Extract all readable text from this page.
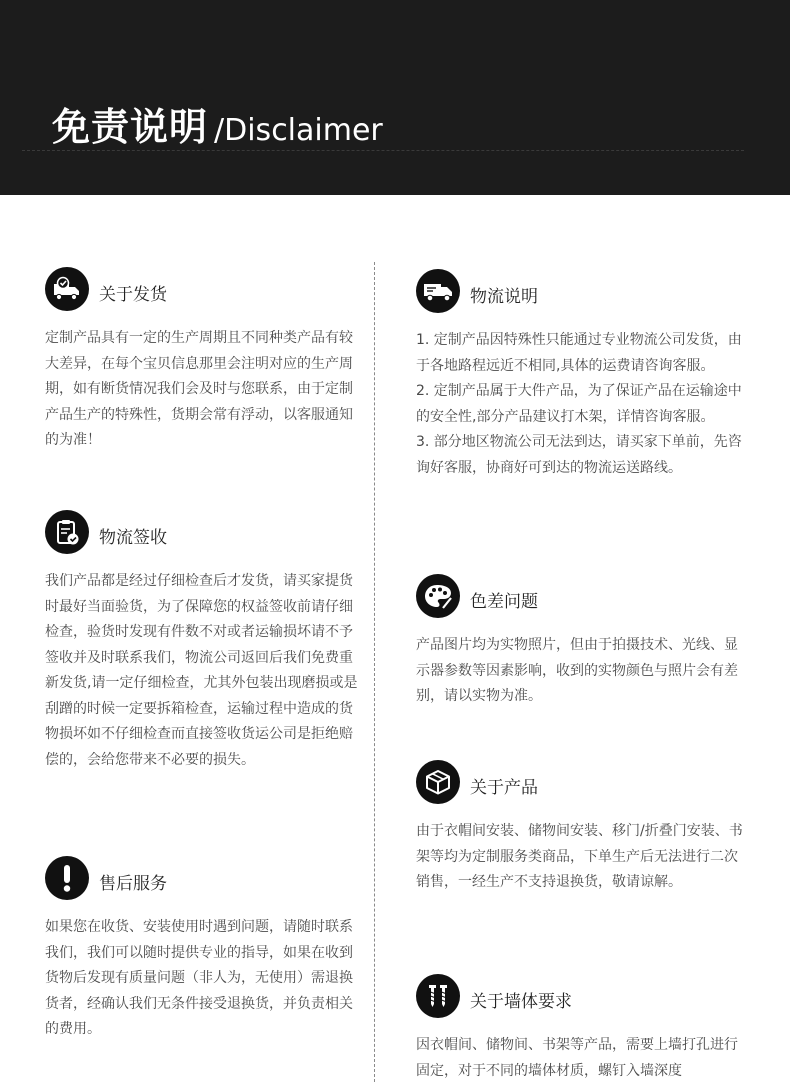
免责说明 /Disclaimer
关于发货

定制产品具有一定的生产周期且不同种类产品有较大差异，在每个宝贝信息那里会注明对应的生产周期，如有断货情况我们会及时与您联系，由于定制产品生产的特殊性，货期会常有浮动，以客服通知的为准！

物流签收

我们产品都是经过仔细检查后才发货，请买家提货时最好当面验货，为了保障您的权益签收前请仔细检查，验货时发现有件数不对或者运输损坏请不予签收并及时联系我们，物流公司返回后我们免费重新发货,请一定仔细检查，尤其外包装出现磨损或是刮蹭的时候一定要拆箱检查，运输过程中造成的货物损坏如不仔细检查而直接签收货运公司是拒绝赔偿的，会给您带来不必要的损失。

售后服务

如果您在收货、安装使用时遇到问题，请随时联系我们，我们可以随时提供专业的指导，如果在收到货物后发现有质量问题（非人为，无使用）需退换货者，经确认我们无条件接受退换货，并负责相关的费用。

物流说明

1. 定制产品因特殊性只能通过专业物流公司发货，由于各地路程远近不相同,具体的运费请咨询客服。

2. 定制产品属于大件产品，为了保证产品在运输途中的安全性,部分产品建议打木架，详情咨询客服。

3. 部分地区物流公司无法到达，请买家下单前，先咨询好客服，协商好可到达的物流运送路线。

色差问题

产品图片均为实物照片，但由于拍摄技术、光线、显示器参数等因素影响，收到的实物颜色与照片会有差别，请以实物为准。

关于产品

由于衣帽间安装、储物间安装、移门/折叠门安装、书架等均为定制服务类商品，下单生产后无法进行二次销售，一经生产不支持退换货，敬请谅解。

关于墙体要求

因衣帽间、储物间、书架等产品，需要上墙打孔进行固定，对于不同的墙体材质，螺钉入墙深度
